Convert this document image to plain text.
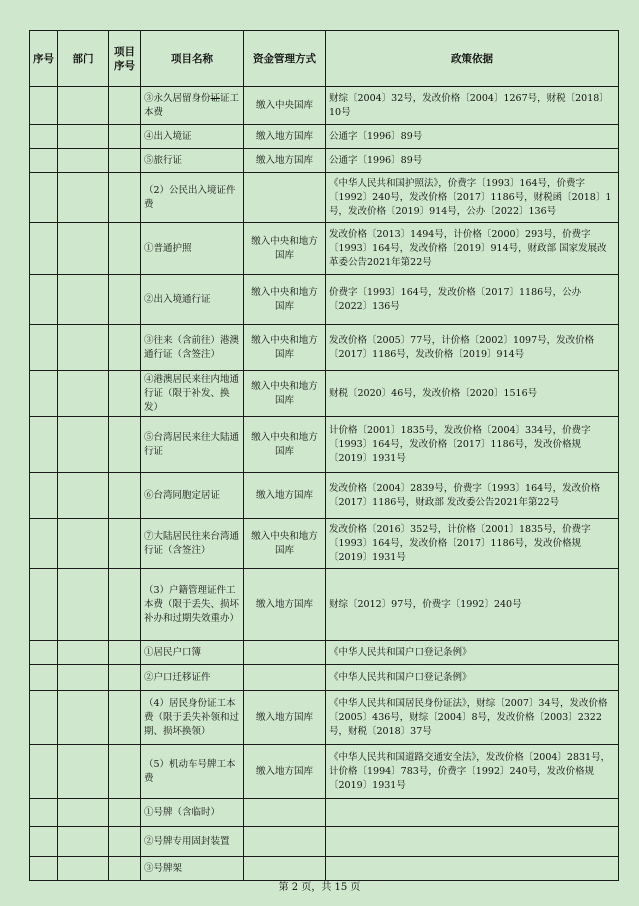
序号	部门	项目序号	项目名称	资金管理方式	政策依据
			③永久居留身份证证工本费	缴入中央国库	财综〔2004〕32号，发改价格〔2004〕1267号，财税〔2018〕10号
			④出入境证	缴入地方国库	公通字〔1996〕89号
			⑤旅行证	缴入地方国库	公通字〔1996〕89号
			（2）公民出入境证件费		《中华人民共和国护照法》，价费字〔1993〕164号，价费字〔1992〕240号，发改价格〔2017〕1186号，财税函〔2018〕1号，发改价格〔2019〕914号，公办〔2022〕136号
			①普通护照	缴入中央和地方国库	发改价格〔2013〕1494号，计价格〔2000〕293号，价费字〔1993〕164号，发改价格〔2019〕914号，财政部 国家发展改革委公告2021年第22号
			②出入境通行证	缴入中央和地方国库	价费字〔1993〕164号，发改价格〔2017〕1186号，公办〔2022〕136号
			③往来（含前往）港澳通行证（含签注）	缴入中央和地方国库	发改价格〔2005〕77号，计价格〔2002〕1097号，发改价格〔2017〕1186号，发改价格〔2019〕914号
			④港澳居民来往内地通行证（限于补发、换发）	缴入中央和地方国库	财税〔2020〕46号，发改价格〔2020〕1516号
			⑤台湾居民来往大陆通行证	缴入中央和地方国库	计价格〔2001〕1835号，发改价格〔2004〕334号，价费字〔1993〕164号，发改价格〔2017〕1186号，发改价格规〔2019〕1931号
			⑥台湾同胞定居证	缴入地方国库	发改价格〔2004〕2839号，价费字〔1993〕164号，发改价格〔2017〕1186号，财政部 发改委公告2021年第22号
			⑦大陆居民往来台湾通行证（含签注）	缴入中央和地方国库	发改价格〔2016〕352号，计价格〔2001〕1835号，价费字〔1993〕164号，发改价格〔2017〕1186号，发改价格规〔2019〕1931号
			（3）户籍管理证件工本费（限于丢失、损坏补办和过期失效重办）	缴入地方国库	财综〔2012〕97号，价费字〔1992〕240号
			①居民户口簿		《中华人民共和国户口登记条例》
			②户口迁移证件		《中华人民共和国户口登记条例》
			（4）居民身份证工本费（限于丢失补领和过期、损坏换领）	缴入地方国库	《中华人民共和国居民身份证法》，财综〔2007〕34号，发改价格〔2005〕436号，财综〔2004〕8号，发改价格〔2003〕2322号，财税〔2018〕37号
			（5）机动车号牌工本费	缴入地方国库	《中华人民共和国道路交通安全法》，发改价格〔2004〕2831号，计价格〔1994〕783号，价费字〔1992〕240号，发改价格规〔2019〕1931号
			①号牌（含临时）		
			②号牌专用固封装置		
			③号牌架		
第 2 页，共 15 页
